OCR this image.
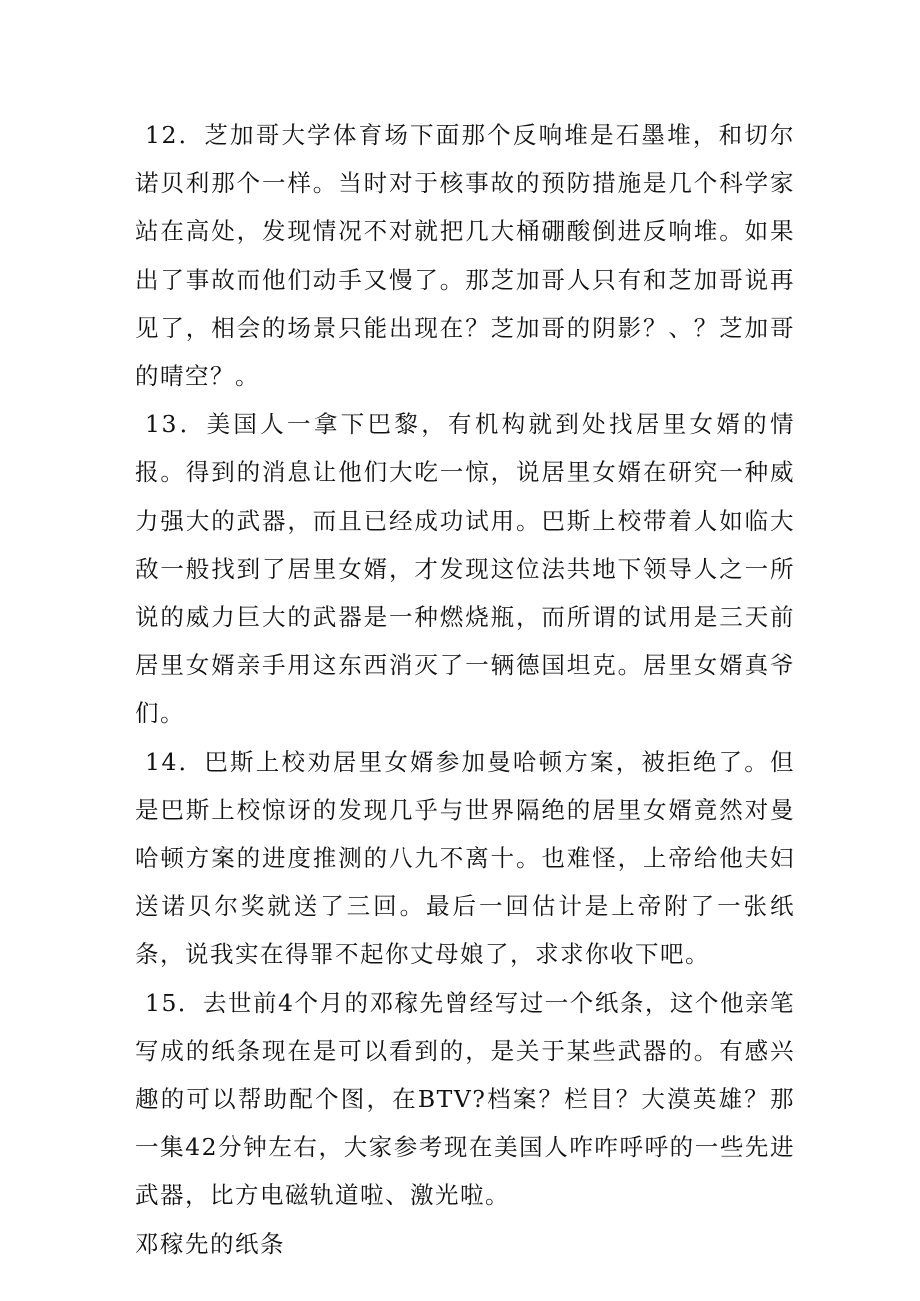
12．芝加哥大学体育场下面那个反响堆是石墨堆，和切尔诺贝利那个一样。当时对于核事故的预防措施是几个科学家站在高处，发现情况不对就把几大桶硼酸倒进反响堆。如果出了事故而他们动手又慢了。那芝加哥人只有和芝加哥说再见了，相会的场景只能出现在？芝加哥的阴影？、？芝加哥的晴空？。

13．美国人一拿下巴黎，有机构就到处找居里女婿的情报。得到的消息让他们大吃一惊，说居里女婿在研究一种威力强大的武器，而且已经成功试用。巴斯上校带着人如临大敌一般找到了居里女婿，才发现这位法共地下领导人之一所说的威力巨大的武器是一种燃烧瓶，而所谓的试用是三天前居里女婿亲手用这东西消灭了一辆德国坦克。居里女婿真爷们。

14．巴斯上校劝居里女婿参加曼哈顿方案，被拒绝了。但是巴斯上校惊讶的发现几乎与世界隔绝的居里女婿竟然对曼哈顿方案的进度推测的八九不离十。也难怪，上帝给他夫妇送诺贝尔奖就送了三回。最后一回估计是上帝附了一张纸条，说我实在得罪不起你丈母娘了，求求你收下吧。

15．去世前4个月的邓稼先曾经写过一个纸条，这个他亲笔写成的纸条现在是可以看到的，是关于某些武器的。有感兴趣的可以帮助配个图，在BTV?档案？栏目？大漠英雄？那一集42分钟左右，大家参考现在美国人咋咋呼呼的一些先进武器，比方电磁轨道啦、激光啦。

邓稼先的纸条
